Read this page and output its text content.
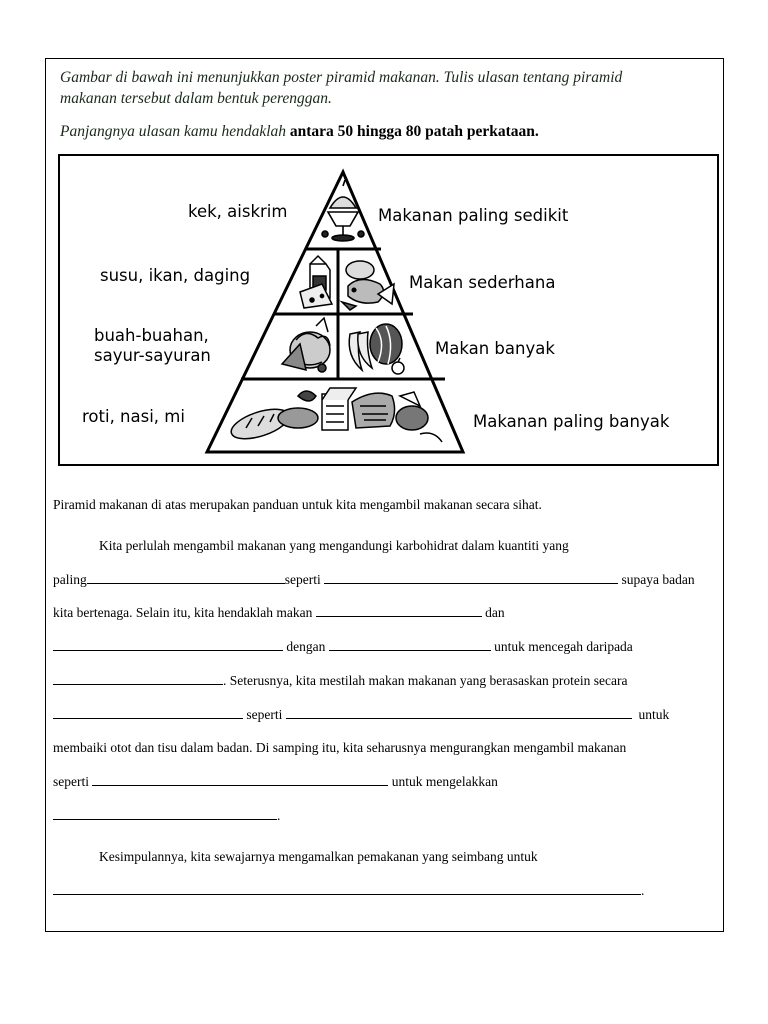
Gambar di bawah ini menunjukkan poster piramid makanan. Tulis ulasan tentang piramid
makanan tersebut dalam bentuk perenggan.
Panjangnya ulasan kamu hendaklah antara 50 hingga 80 patah perkataan.
kek, aiskrim	Makanan paling sedikit
susu, ikan, daging	Makan sederhana
buah-buahan,
sayur-sayuran	Makan banyak
roti, nasi, mi	Makanan paling banyak
Piramid makanan di atas merupakan panduan untuk kita mengambil makanan secara sihat.
Kita perlulah mengambil makanan yang mengandungi karbohidrat dalam kuantiti yang
paling	seperti	supaya badan
kita bertenaga. Selain itu, kita hendaklah makan	dan
dengan	untuk mencegah daripada
. Seterusnya, kita mestilah makan makanan yang berasaskan protein secara
seperti	untuk
membaiki otot dan tisu dalam badan. Di samping itu, kita seharusnya mengurangkan mengambil makanan
seperti	untuk mengelakkan
.
Kesimpulannya, kita sewajarnya mengamalkan pemakanan yang seimbang untuk
.
